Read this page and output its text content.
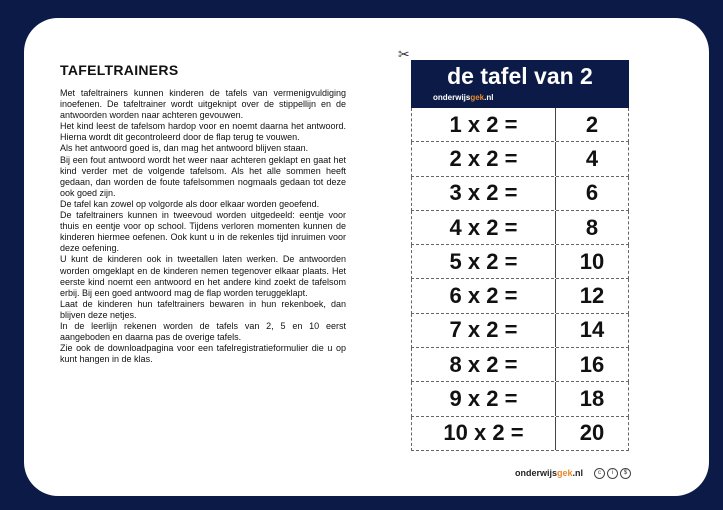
TAFELTRAINERS

Met tafeltrainers kunnen kinderen de tafels van vermenigvuldiging inoefenen. De tafeltrainer wordt uitgeknipt over de stippellijn en de antwoorden worden naar achteren gevouwen.

Het kind leest de tafelsom hardop voor en noemt daarna het antwoord. Hierna wordt dit gecontroleerd door de flap terug te vouwen.

Als het antwoord goed is, dan mag het antwoord blijven staan.

Bij een fout antwoord wordt het weer naar achteren geklapt en gaat het kind verder met de volgende tafelsom. Als het alle sommen heeft gedaan, dan worden de foute tafelsommen nogmaals gedaan tot deze ook goed zijn.

De tafel kan zowel op volgorde als door elkaar worden geoefend.

De tafeltrainers kunnen in tweevoud worden uitgedeeld: eentje voor thuis en eentje voor op school. Tijdens verloren momenten kunnen de kinderen hiermee oefenen. Ook kunt u in de rekenles tijd inruimen voor deze oefening.

U kunt de kinderen ook in tweetallen laten werken. De antwoorden worden omgeklapt en de kinderen nemen tegenover elkaar plaats. Het eerste kind noemt een antwoord en het andere kind zoekt de tafelsom erbij. Bij een goed antwoord mag de flap worden teruggeklapt.

Laat de kinderen hun tafeltrainers bewaren in hun rekenboek, dan blijven deze netjes.

In de leerlijn rekenen worden de tafels van 2, 5 en 10 eerst aangeboden en daarna pas de overige tafels.

Zie ook de downloadpagina voor een tafelregistratieformulier die u op kunt hangen in de klas.

✂
de tafel van 2
onderwijsgek.nl
1 x 2 =	2
2 x 2 =	4
3 x 2 =	6
4 x 2 =	8
5 x 2 =	10
6 x 2 =	12
7 x 2 =	14
8 x 2 =	16
9 x 2 =	18
10 x 2 =	20
onderwijsgek.nl	c	i	$
